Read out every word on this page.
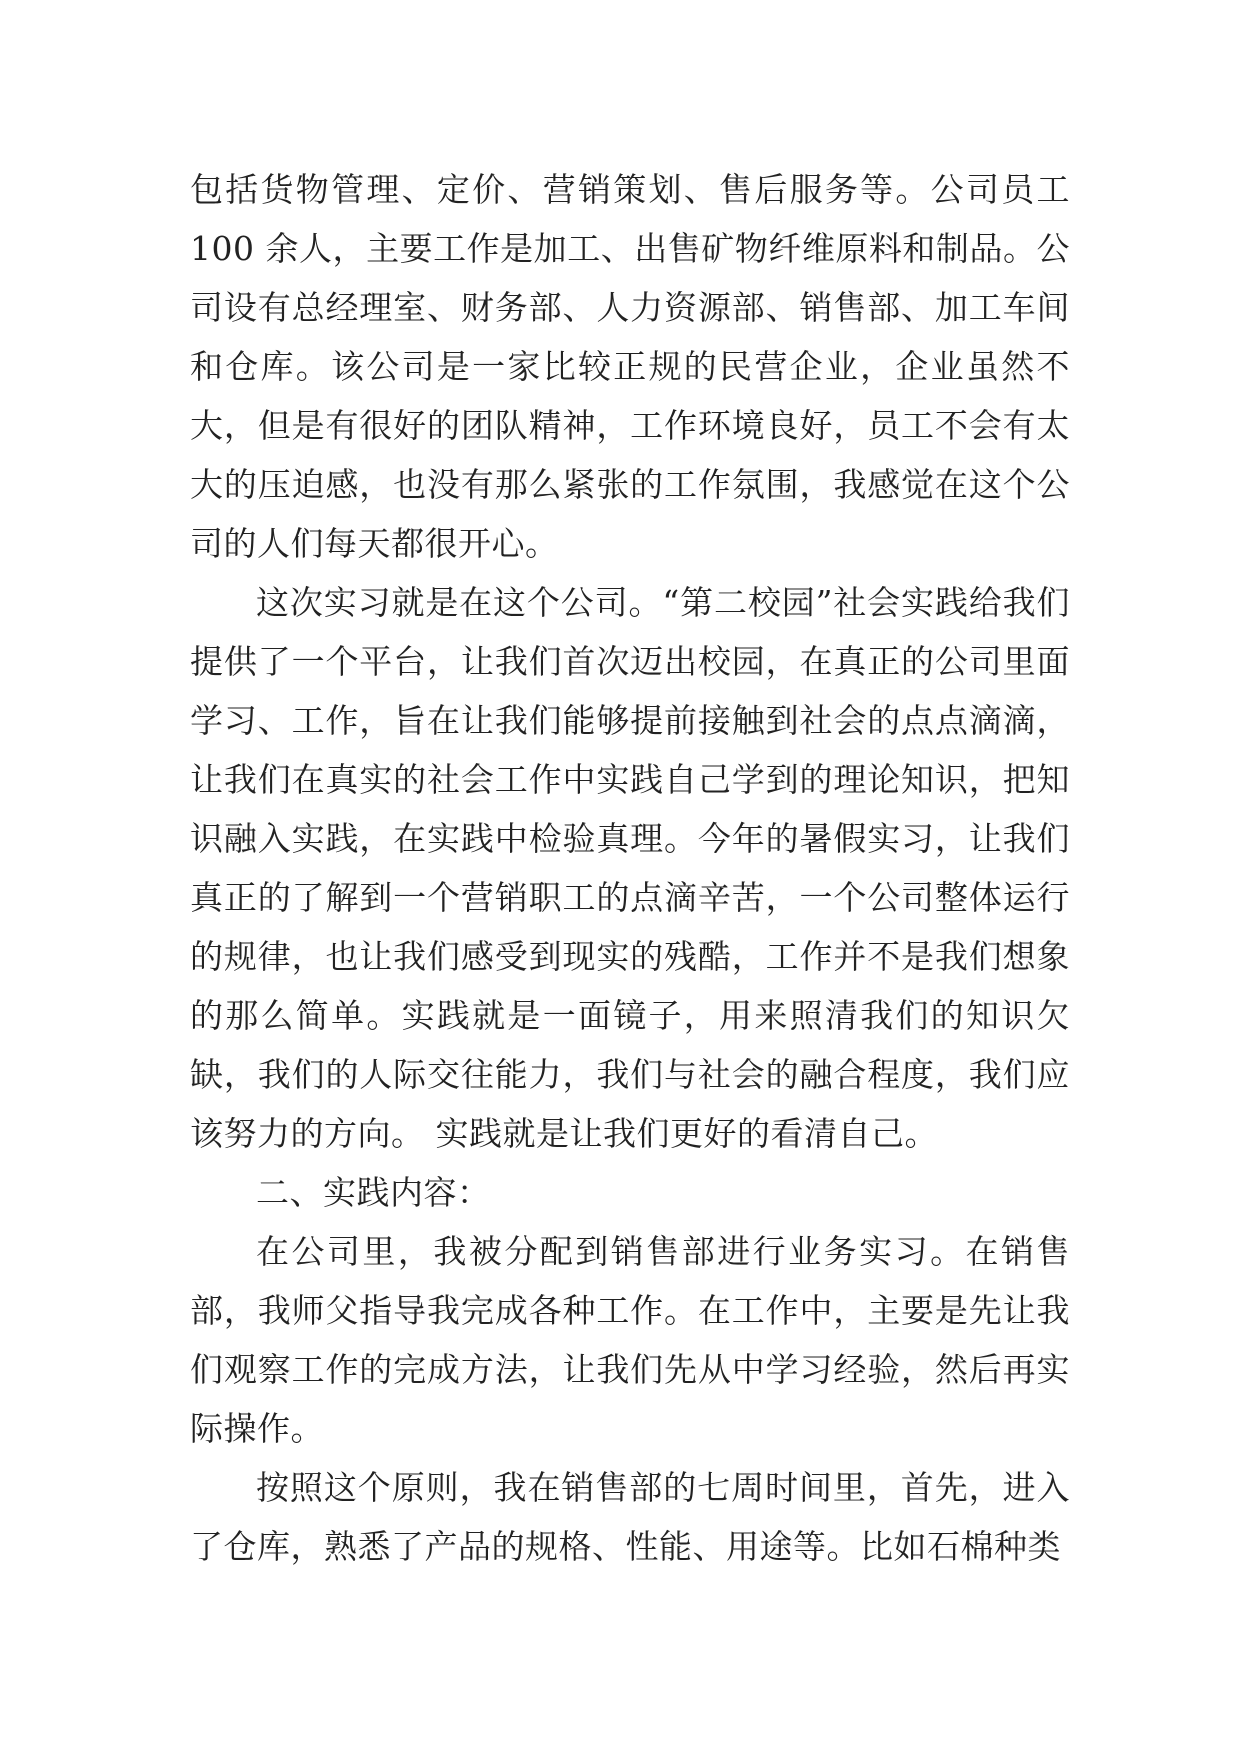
包括货物管理、定价、营销策划、售后服务等。公司员工 100 余人，主要工作是加工、出售矿物纤维原料和制品。公司设有总经理室、财务部、人力资源部、销售部、加工车间和仓库。该公司是一家比较正规的民营企业，企业虽然不大，但是有很好的团队精神，工作环境良好，员工不会有太大的压迫感，也没有那么紧张的工作氛围，我感觉在这个公司的人们每天都很开心。

这次实习就是在这个公司。“第二校园”社会实践给我们提供了一个平台，让我们首次迈出校园，在真正的公司里面学习、工作，旨在让我们能够提前接触到社会的点点滴滴，让我们在真实的社会工作中实践自己学到的理论知识，把知识融入实践，在实践中检验真理。今年的暑假实习，让我们真正的了解到一个营销职工的点滴辛苦，一个公司整体运行的规律，也让我们感受到现实的残酷，工作并不是我们想象的那么简单。实践就是一面镜子，用来照清我们的知识欠缺，我们的人际交往能力，我们与社会的融合程度，我们应该努力的方向。 实践就是让我们更好的看清自己。

二、实践内容：

在公司里，我被分配到销售部进行业务实习。在销售部，我师父指导我完成各种工作。在工作中，主要是先让我们观察工作的完成方法，让我们先从中学习经验，然后再实际操作。

按照这个原则，我在销售部的七周时间里，首先，进入了仓库，熟悉了产品的规格、性能、用途等。比如石棉种类
